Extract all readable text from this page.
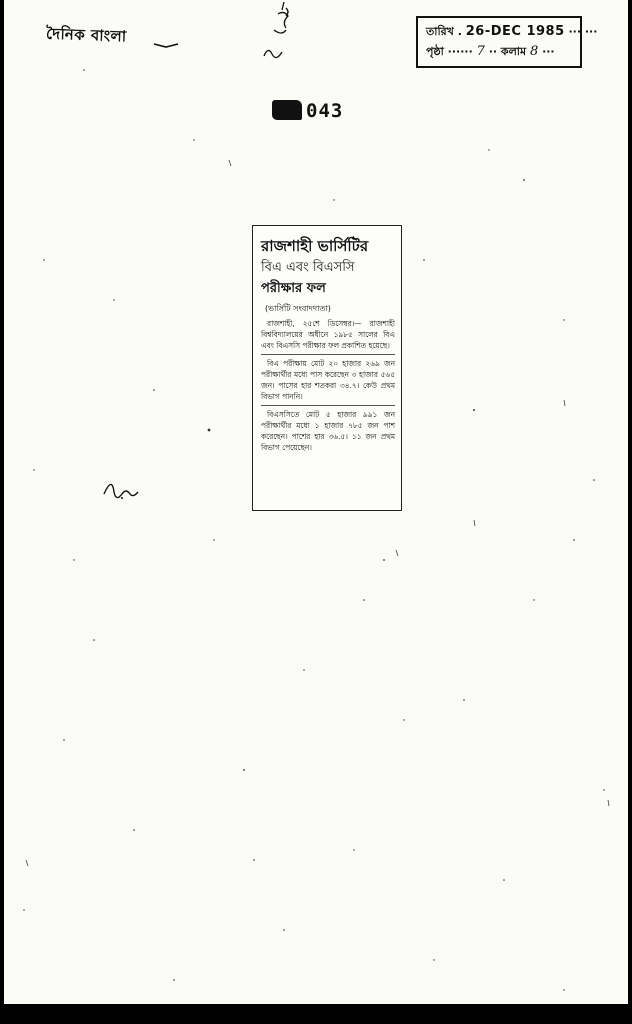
দৈনিক বাংলা	তারিখ . 26-DEC 1985 ··· ···
পৃষ্ঠা ······ 7 ·· কলাম 8 ···
043
রাজশাহী ভার্সিটির
বিএ এবং বিএসসি
পরীক্ষার ফল
(ভার্সিটি সংবাদদাতা)

রাজশাহী, ২৫শে ডিসেম্বর।— রাজশাহী বিশ্ববিদ্যালয়ের অধীনে ১৯৮৫ সালের বিএ এবং বিএসসি পরীক্ষার ফল প্রকাশিত হয়েছে।

বিএ পরীক্ষায় মোট ২০ হাজার ২৬৯ জন পরীক্ষার্থীর মধ্যে পাস করেছেন ৩ হাজার ৫৬৫ জন। পাসের হার শতকরা ৩৪.৭। কেউ প্রথম বিভাগ পাননি।

বিএসসিতে মোট ৫ হাজার ৯৯১ জন পরীক্ষার্থীর মধ্যে ১ হাজার ৭৮৫ জন পাশ করেছেন। পাশের হার ৩৬.৫। ১১ জন প্রথম বিভাগ পেয়েছেন।
